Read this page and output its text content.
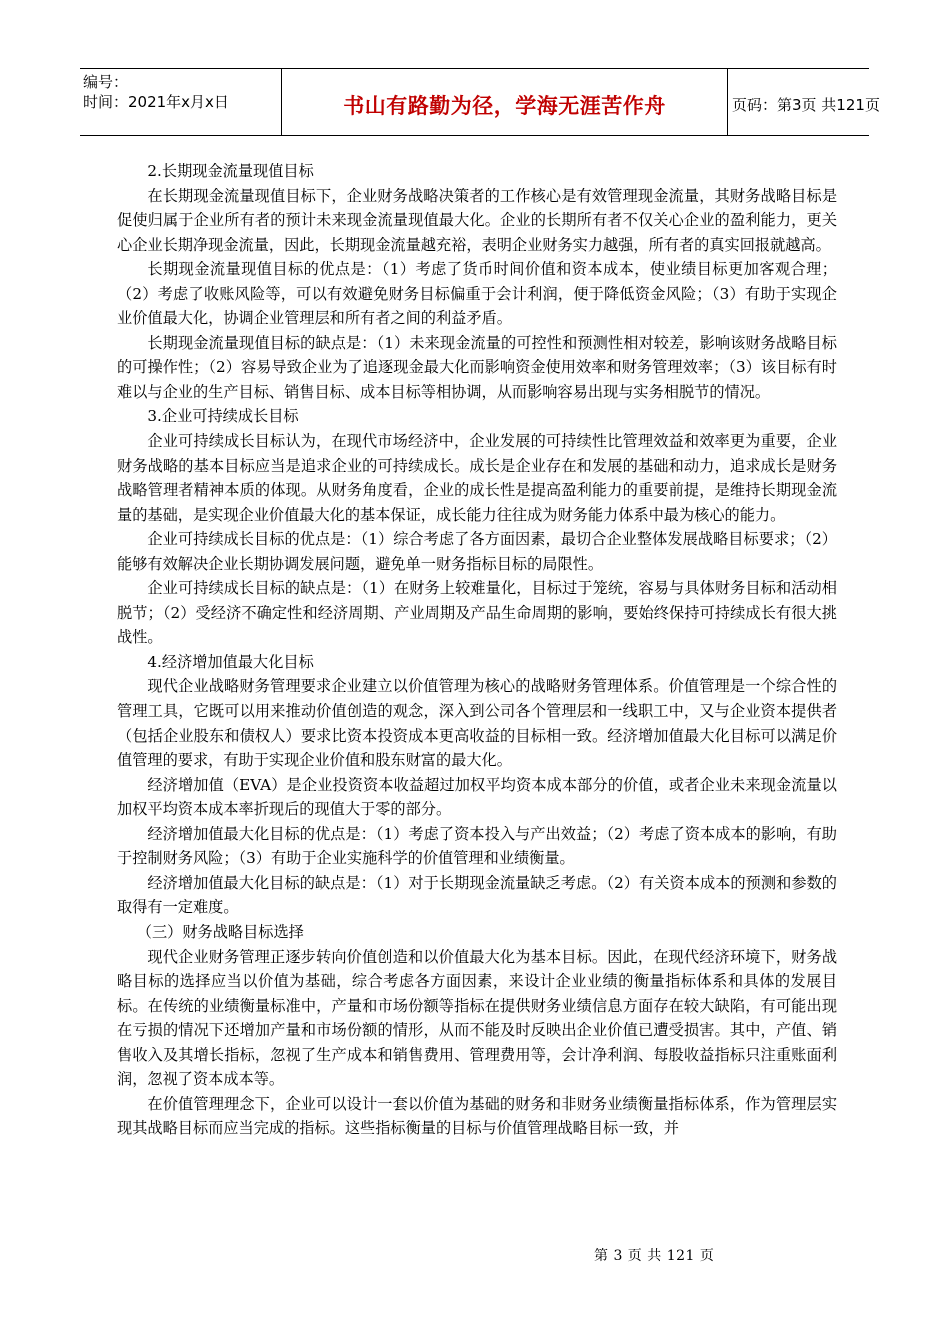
编号：
时间：2021年x月x日	书山有路勤为径，学海无涯苦作舟	页码：第3页 共121页

2.长期现金流量现值目标

在长期现金流量现值目标下，企业财务战略决策者的工作核心是有效管理现金流量，其财务战略目标是促使归属于企业所有者的预计未来现金流量现值最大化。企业的长期所有者不仅关心企业的盈利能力，更关心企业长期净现金流量，因此，长期现金流量越充裕，表明企业财务实力越强，所有者的真实回报就越高。

长期现金流量现值目标的优点是：（1）考虑了货币时间价值和资本成本，使业绩目标更加客观合理；（2）考虑了收账风险等，可以有效避免财务目标偏重于会计利润，便于降低资金风险；（3）有助于实现企业价值最大化，协调企业管理层和所有者之间的利益矛盾。

长期现金流量现值目标的缺点是：（1）未来现金流量的可控性和预测性相对较差，影响该财务战略目标的可操作性；（2）容易导致企业为了追逐现金最大化而影响资金使用效率和财务管理效率；（3）该目标有时难以与企业的生产目标、销售目标、成本目标等相协调，从而影响容易出现与实务相脱节的情况。

3.企业可持续成长目标

企业可持续成长目标认为，在现代市场经济中，企业发展的可持续性比管理效益和效率更为重要，企业财务战略的基本目标应当是追求企业的可持续成长。成长是企业存在和发展的基础和动力，追求成长是财务战略管理者精神本质的体现。从财务角度看，企业的成长性是提高盈利能力的重要前提，是维持长期现金流量的基础，是实现企业价值最大化的基本保证，成长能力往往成为财务能力体系中最为核心的能力。

企业可持续成长目标的优点是：（1）综合考虑了各方面因素，最切合企业整体发展战略目标要求；（2）能够有效解决企业长期协调发展问题，避免单一财务指标目标的局限性。

企业可持续成长目标的缺点是：（1）在财务上较难量化，目标过于笼统，容易与具体财务目标和活动相脱节；（2）受经济不确定性和经济周期、产业周期及产品生命周期的影响，要始终保持可持续成长有很大挑战性。

4.经济增加值最大化目标

现代企业战略财务管理要求企业建立以价值管理为核心的战略财务管理体系。价值管理是一个综合性的管理工具，它既可以用来推动价值创造的观念，深入到公司各个管理层和一线职工中，又与企业资本提供者（包括企业股东和债权人）要求比资本投资成本更高收益的目标相一致。经济增加值最大化目标可以满足价值管理的要求，有助于实现企业价值和股东财富的最大化。

经济增加值（EVA）是企业投资资本收益超过加权平均资本成本部分的价值，或者企业未来现金流量以加权平均资本成本率折现后的现值大于零的部分。

经济增加值最大化目标的优点是：（1）考虑了资本投入与产出效益；（2）考虑了资本成本的影响，有助于控制财务风险；（3）有助于企业实施科学的价值管理和业绩衡量。

经济增加值最大化目标的缺点是：（1）对于长期现金流量缺乏考虑。（2）有关资本成本的预测和参数的取得有一定难度。

（三）财务战略目标选择

现代企业财务管理正逐步转向价值创造和以价值最大化为基本目标。因此，在现代经济环境下，财务战略目标的选择应当以价值为基础，综合考虑各方面因素，来设计企业业绩的衡量指标体系和具体的发展目标。在传统的业绩衡量标准中，产量和市场份额等指标在提供财务业绩信息方面存在较大缺陷，有可能出现在亏损的情况下还增加产量和市场份额的情形，从而不能及时反映出企业价值已遭受损害。其中，产值、销售收入及其增长指标，忽视了生产成本和销售费用、管理费用等，会计净利润、每股收益指标只注重账面利润，忽视了资本成本等。

在价值管理理念下，企业可以设计一套以价值为基础的财务和非财务业绩衡量指标体系，作为管理层实现其战略目标而应当完成的指标。这些指标衡量的目标与价值管理战略目标一致，并

第 3 页 共 121 页
